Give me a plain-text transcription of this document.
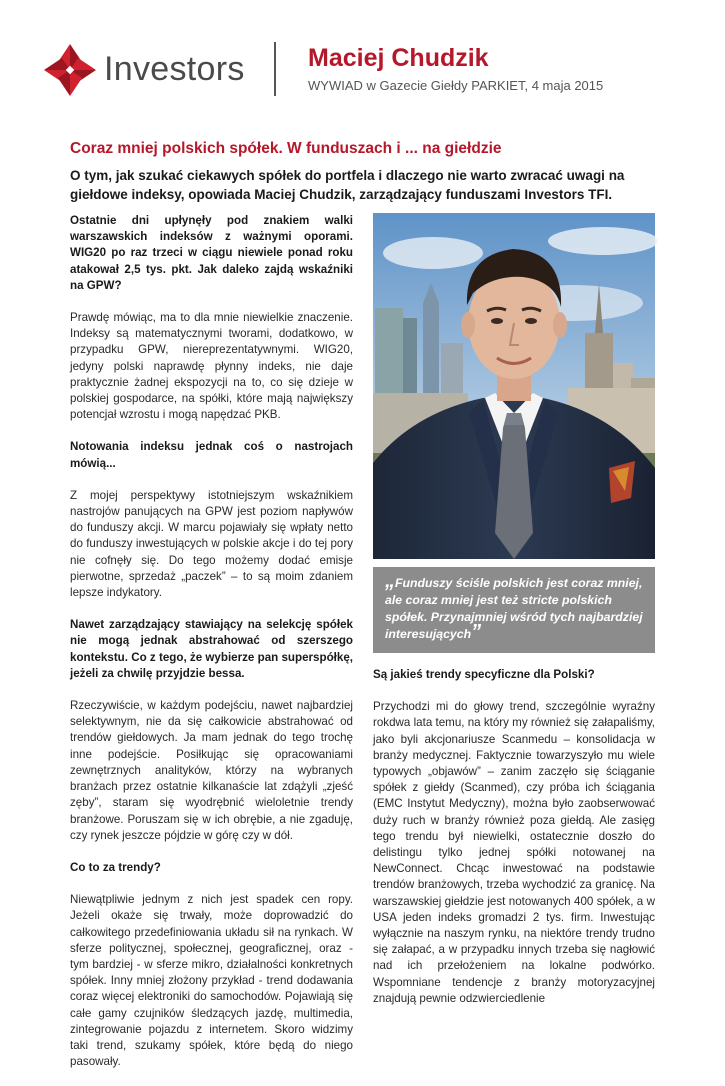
Investors	Maciej Chudzik
WYWIAD w Gazecie Giełdy PARKIET, 4 maja 2015
Coraz mniej polskich spółek. W funduszach i ... na giełdzie
O tym, jak szukać ciekawych spółek do portfela i dlaczego nie warto zwracać uwagi na giełdowe indeksy, opowiada Maciej Chudzik, zarządzający funduszami Investors TFI.

Ostatnie dni upłynęły pod znakiem walki warszawskich indeksów z ważnymi oporami. WIG20 po raz trzeci w ciągu niewiele ponad roku atakował 2,5 tys. pkt. Jak daleko zajdą wskaźniki na GPW?

Prawdę mówiąc, ma to dla mnie niewielkie znaczenie. Indeksy są matematycznymi tworami, dodatkowo, w przypadku GPW, niereprezentatywnymi. WIG20, jedyny polski naprawdę płynny indeks, nie daje praktycznie żadnej ekspozycji na to, co się dzieje w polskiej gospodarce, na spółki, które mają największy potencjał wzrostu i mogą napędzać PKB.

Notowania indeksu jednak coś o nastrojach mówią...

Z mojej perspektywy istotniejszym wskaźnikiem nastrojów panujących na GPW jest poziom napływów do funduszy akcji. W marcu pojawiały się wpłaty netto do funduszy inwestujących w polskie akcje i do tej pory nie cofnęły się. Do tego możemy dodać emisje pierwotne, sprzedaż „paczek” – to są moim zdaniem lepsze indykatory.

Nawet zarządzający stawiający na selekcję spółek nie mogą jednak abstrahować od szerszego kontekstu. Co z tego, że wybierze pan superspółkę, jeżeli za chwilę przyjdzie bessa.

Rzeczywiście, w każdym podejściu, nawet najbardziej selektywnym, nie da się całkowicie abstrahować od trendów giełdowych. Ja mam jednak do tego trochę inne podejście. Posiłkując się opracowaniami zewnętrznych analityków, którzy na wybranych branżach przez ostatnie kilkanaście lat zdążyli „zjeść zęby”, staram się wyodrębnić wieloletnie trendy branżowe. Poruszam się w ich obrębie, a nie zgaduję, czy rynek jeszcze pójdzie w górę czy w dół.

Co to za trendy?

Niewątpliwie jednym z nich jest spadek cen ropy. Jeżeli okaże się trwały, może doprowadzić do całkowitego przedefiniowania układu sił na rynkach. W sferze politycznej, społecznej, geograficznej, oraz - tym bardziej - w sferze mikro, działalności konkretnych spółek. Inny mniej złożony przykład - trend dodawania coraz więcej elektroniki do samochodów. Pojawiają się całe gamy czujników śledzących jazdę, multimedia, zintegrowanie pojazdu z internetem. Skoro widzimy taki trend, szukamy spółek, które będą do niego pasowały.

„Funduszy ściśle polskich jest coraz mniej, ale coraz mniej jest też stricte polskich spółek. Przynajmniej wśród tych najbardziej interesujących”

Są jakieś trendy specyficzne dla Polski?

Przychodzi mi do głowy trend, szczególnie wyraźny rokdwa lata temu, na który my również się załapaliśmy, jako byli akcjonariusze Scanmedu – konsolidacja w branży medycznej. Faktycznie towarzyszyło mu wiele typowych „objawów” – zanim zaczęło się ściąganie spółek z giełdy (Scanmed), czy próba ich ściągania (EMC Instytut Medyczny), można było zaobserwować duży ruch w branży również poza giełdą. Ale zasięg tego trendu był niewielki, ostatecznie doszło do delistingu tylko jednej spółki notowanej na NewConnect. Chcąc inwestować na podstawie trendów branżowych, trzeba wychodzić za granicę. Na warszawskiej giełdzie jest notowanych 400 spółek, a w USA jeden indeks gromadzi 2 tys. firm. Inwestując wyłącznie na naszym rynku, na niektóre trendy trudno się załapać, a w przypadku innych trzeba się nagłowić nad ich przełożeniem na lokalne podwórko. Wspomniane tendencje z branży motoryzacyjnej znajdują pewnie odzwierciedlenie
